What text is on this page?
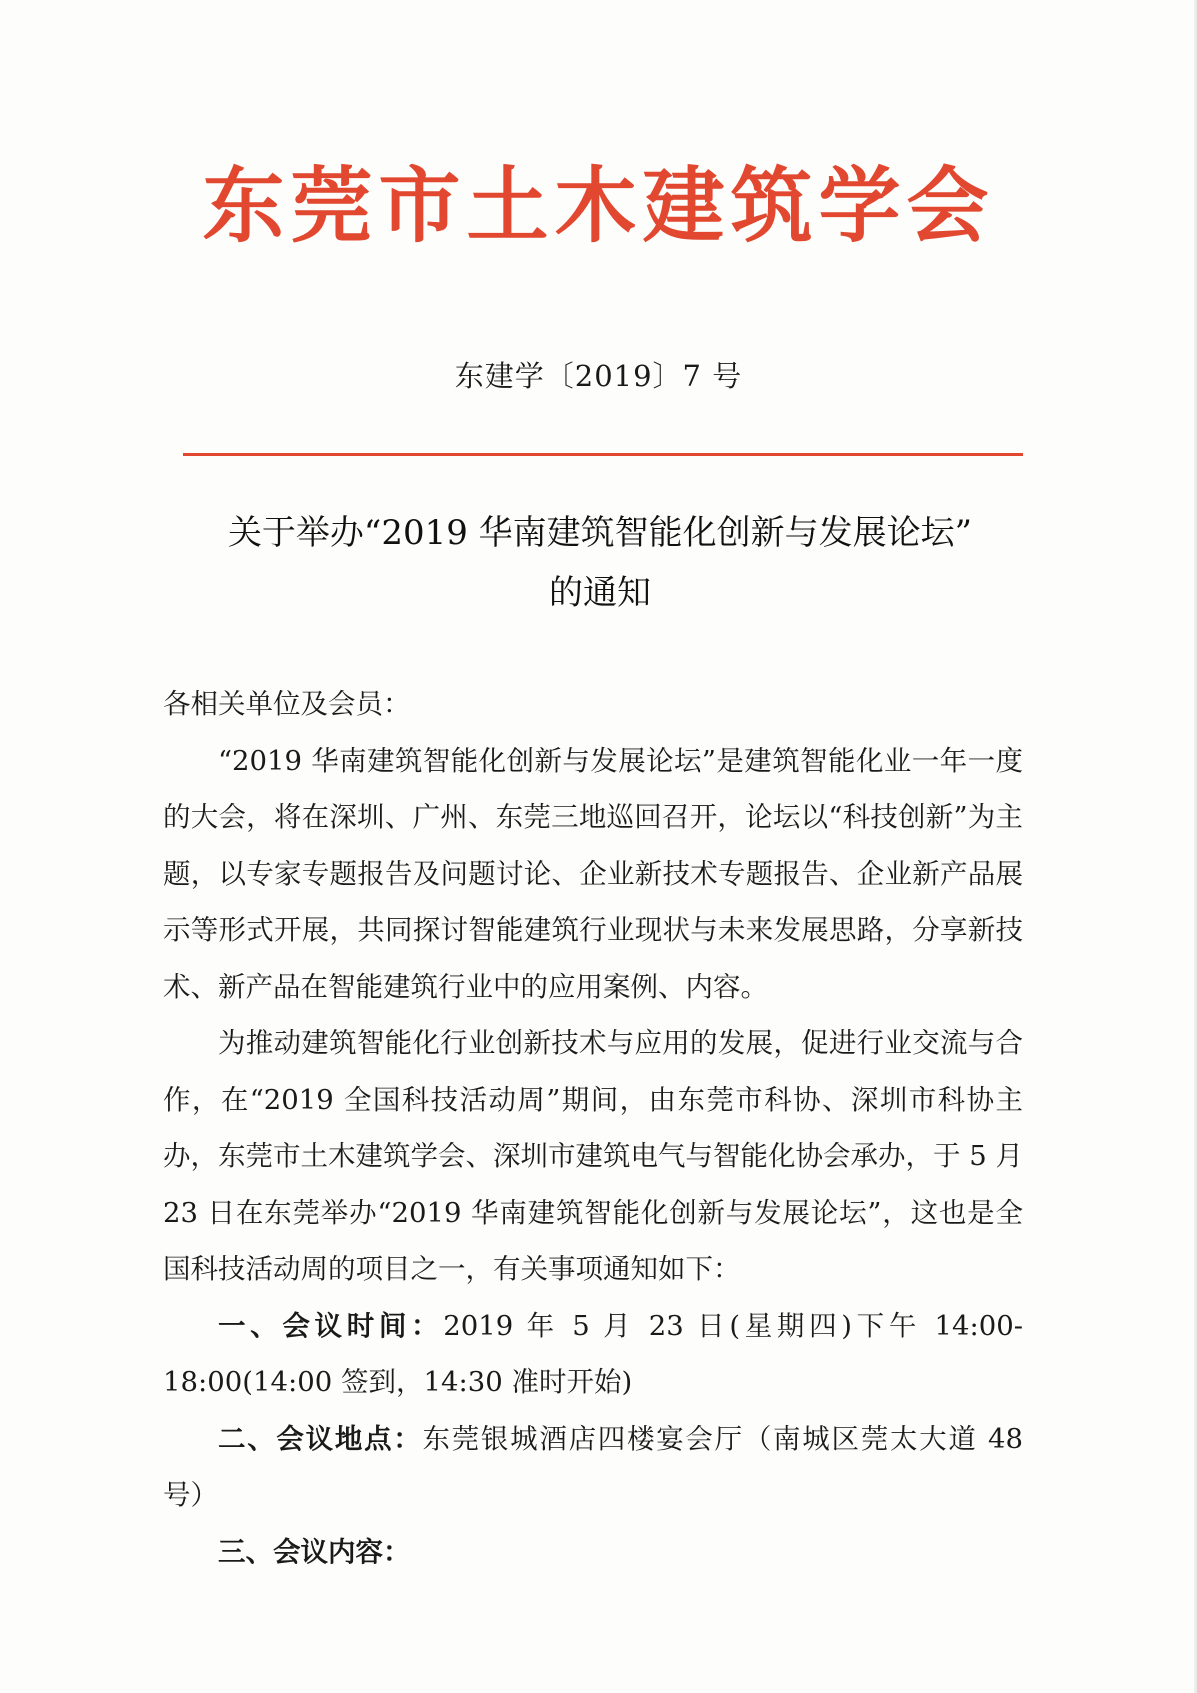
东莞市土木建筑学会
东建学〔2019〕7 号
关于举办“2019 华南建筑智能化创新与发展论坛”
的通知

各相关单位及会员：

“2019 华南建筑智能化创新与发展论坛”是建筑智能化业一年一度的大会，将在深圳、广州、东莞三地巡回召开，论坛以“科技创新”为主题，以专家专题报告及问题讨论、企业新技术专题报告、企业新产品展示等形式开展，共同探讨智能建筑行业现状与未来发展思路，分享新技术、新产品在智能建筑行业中的应用案例、内容。

为推动建筑智能化行业创新技术与应用的发展，促进行业交流与合作，在“2019 全国科技活动周”期间，由东莞市科协、深圳市科协主办，东莞市土木建筑学会、深圳市建筑电气与智能化协会承办，于 5 月 23 日在东莞举办“2019 华南建筑智能化创新与发展论坛”，这也是全国科技活动周的项目之一，有关事项通知如下：

一、会议时间：2019 年 5 月 23 日(星期四)下午 14:00-18:00(14:00 签到，14:30 准时开始)

二、会议地点：东莞银城酒店四楼宴会厅（南城区莞太大道 48 号）

三、会议内容：
